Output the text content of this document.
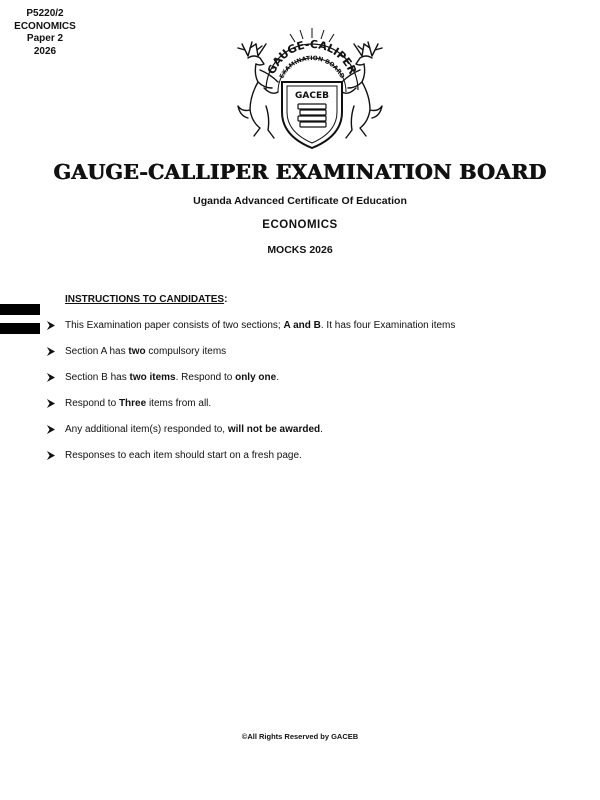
P5220/2
ECONOMICS
Paper 2
2026
GAUGE-CALIPER
EXAMINATION BOARD
GACEB
GAUGE-CALLIPER EXAMINATION BOARD
Uganda Advanced Certificate Of Education
ECONOMICS
MOCKS 2026
INSTRUCTIONS TO CANDIDATES:
This Examination paper consists of two sections; A and B. It has four Examination items
Section A has two compulsory items
Section B has two items. Respond to only one.
Respond to Three items from all.
Any additional item(s) responded to, will not be awarded.
Responses to each item should start on a fresh page.
©All Rights Reserved by GACEB
